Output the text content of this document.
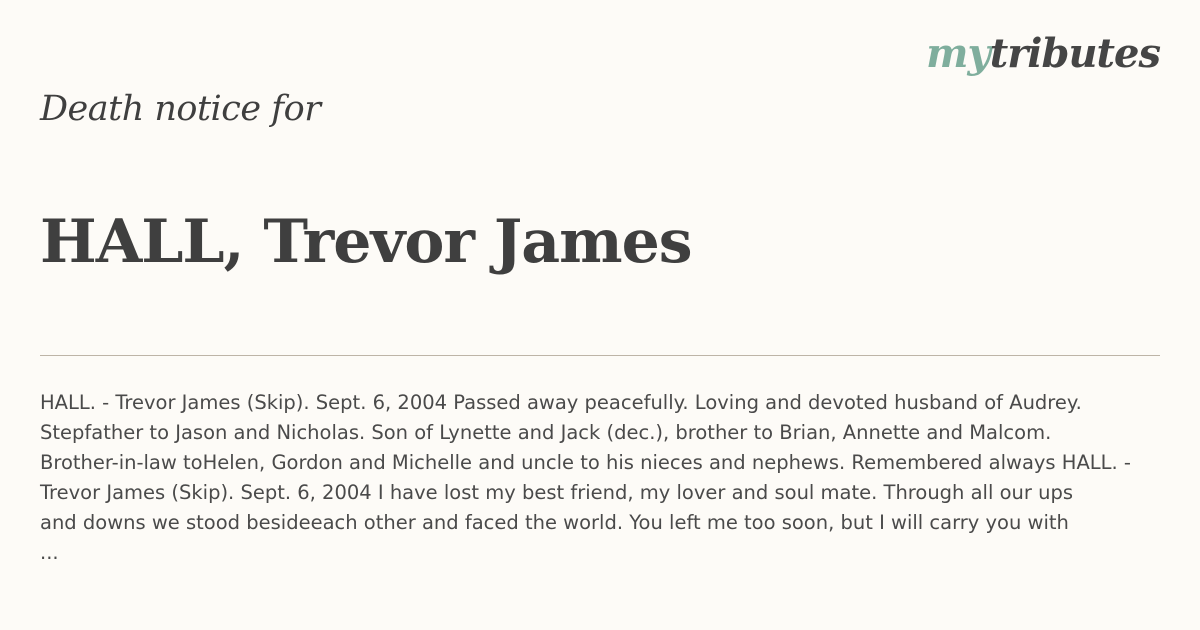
mytributes
Death notice for
HALL, Trevor James
HALL. - Trevor James (Skip). Sept. 6, 2004 Passed away peacefully. Loving and devoted husband of Audrey.
Stepfather to Jason and Nicholas. Son of Lynette and Jack (dec.), brother to Brian, Annette and Malcom.
Brother-in-law toHelen, Gordon and Michelle and uncle to his nieces and nephews. Remembered always HALL. -
Trevor James (Skip). Sept. 6, 2004 I have lost my best friend, my lover and soul mate. Through all our ups
and downs we stood besideeach other and faced the world. You left me too soon, but I will carry you with
...
